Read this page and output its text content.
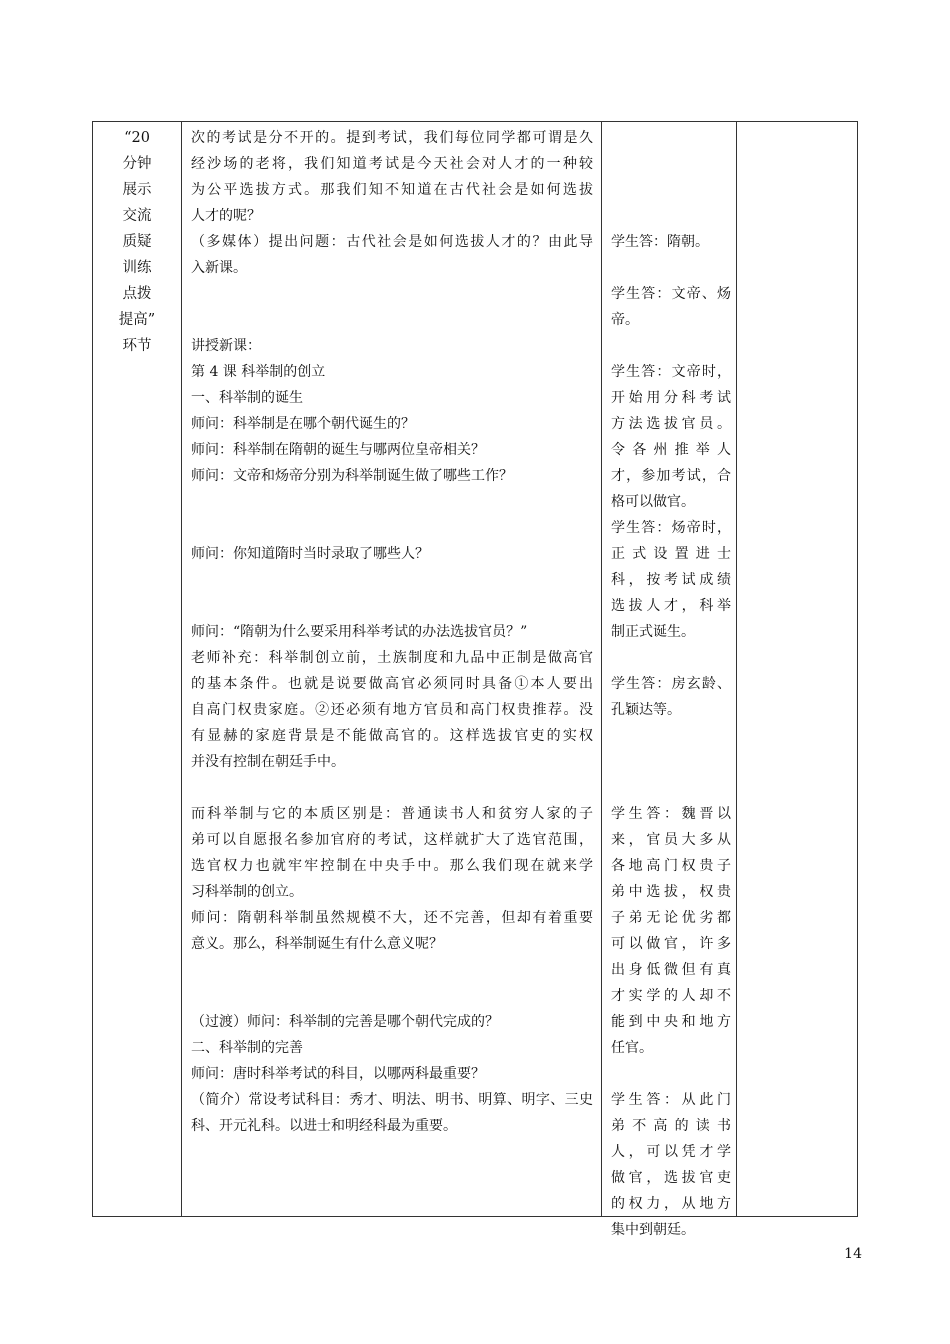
“20
分钟
展示
交流
质疑
训练
点拨
提高”
环节
次的考试是分不开的。提到考试，我们每位同学都可谓是久
经沙场的老将，我们知道考试是今天社会对人才的一种较
为公平选拔方式。那我们知不知道在古代社会是如何选拔
人才的呢？
（多媒体）提出问题：古代社会是如何选拔人才的？由此导
入新课。
讲授新课：
第 4 课 科举制的创立
一、科举制的诞生
师问：科举制是在哪个朝代诞生的？
师问：科举制在隋朝的诞生与哪两位皇帝相关？
师问：文帝和炀帝分别为科举制诞生做了哪些工作？
师问：你知道隋时当时录取了哪些人？
师问：“隋朝为什么要采用科举考试的办法选拔官员？”
老师补充：科举制创立前，土族制度和九品中正制是做高官
的基本条件。也就是说要做高官必须同时具备①本人要出
自高门权贵家庭。②还必须有地方官员和高门权贵推荐。没
有显赫的家庭背景是不能做高官的。这样选拔官吏的实权
并没有控制在朝廷手中。
而科举制与它的本质区别是：普通读书人和贫穷人家的子
弟可以自愿报名参加官府的考试，这样就扩大了选官范围，
选官权力也就牢牢控制在中央手中。那么我们现在就来学
习科举制的创立。
师问：隋朝科举制虽然规模不大，还不完善，但却有着重要
意义。那么，科举制诞生有什么意义呢？
（过渡）师问：科举制的完善是哪个朝代完成的？
二、科举制的完善
师问：唐时科举考试的科目，以哪两科最重要？
（简介）常设考试科目：秀才、明法、明书、明算、明字、三史
科、开元礼科。以进士和明经科最为重要。
学生答：隋朝。
学生答：文帝、炀
帝。
学生答：文帝时，
开始用分科考试
方法选拔官员。
令各州推举人
才，参加考试，合
格可以做官。
学生答：炀帝时，
正式设置进士
科，按考试成绩
选拔人才，科举
制正式诞生。
学生答：房玄龄、
孔颖达等。
学生答：魏晋以
来，官员大多从
各地高门权贵子
弟中选拔，权贵
子弟无论优劣都
可以做官，许多
出身低微但有真
才实学的人却不
能到中央和地方
任官。
学生答：从此门
弟不高的读书
人，可以凭才学
做官，选拔官吏
的权力，从地方
集中到朝廷。
14
